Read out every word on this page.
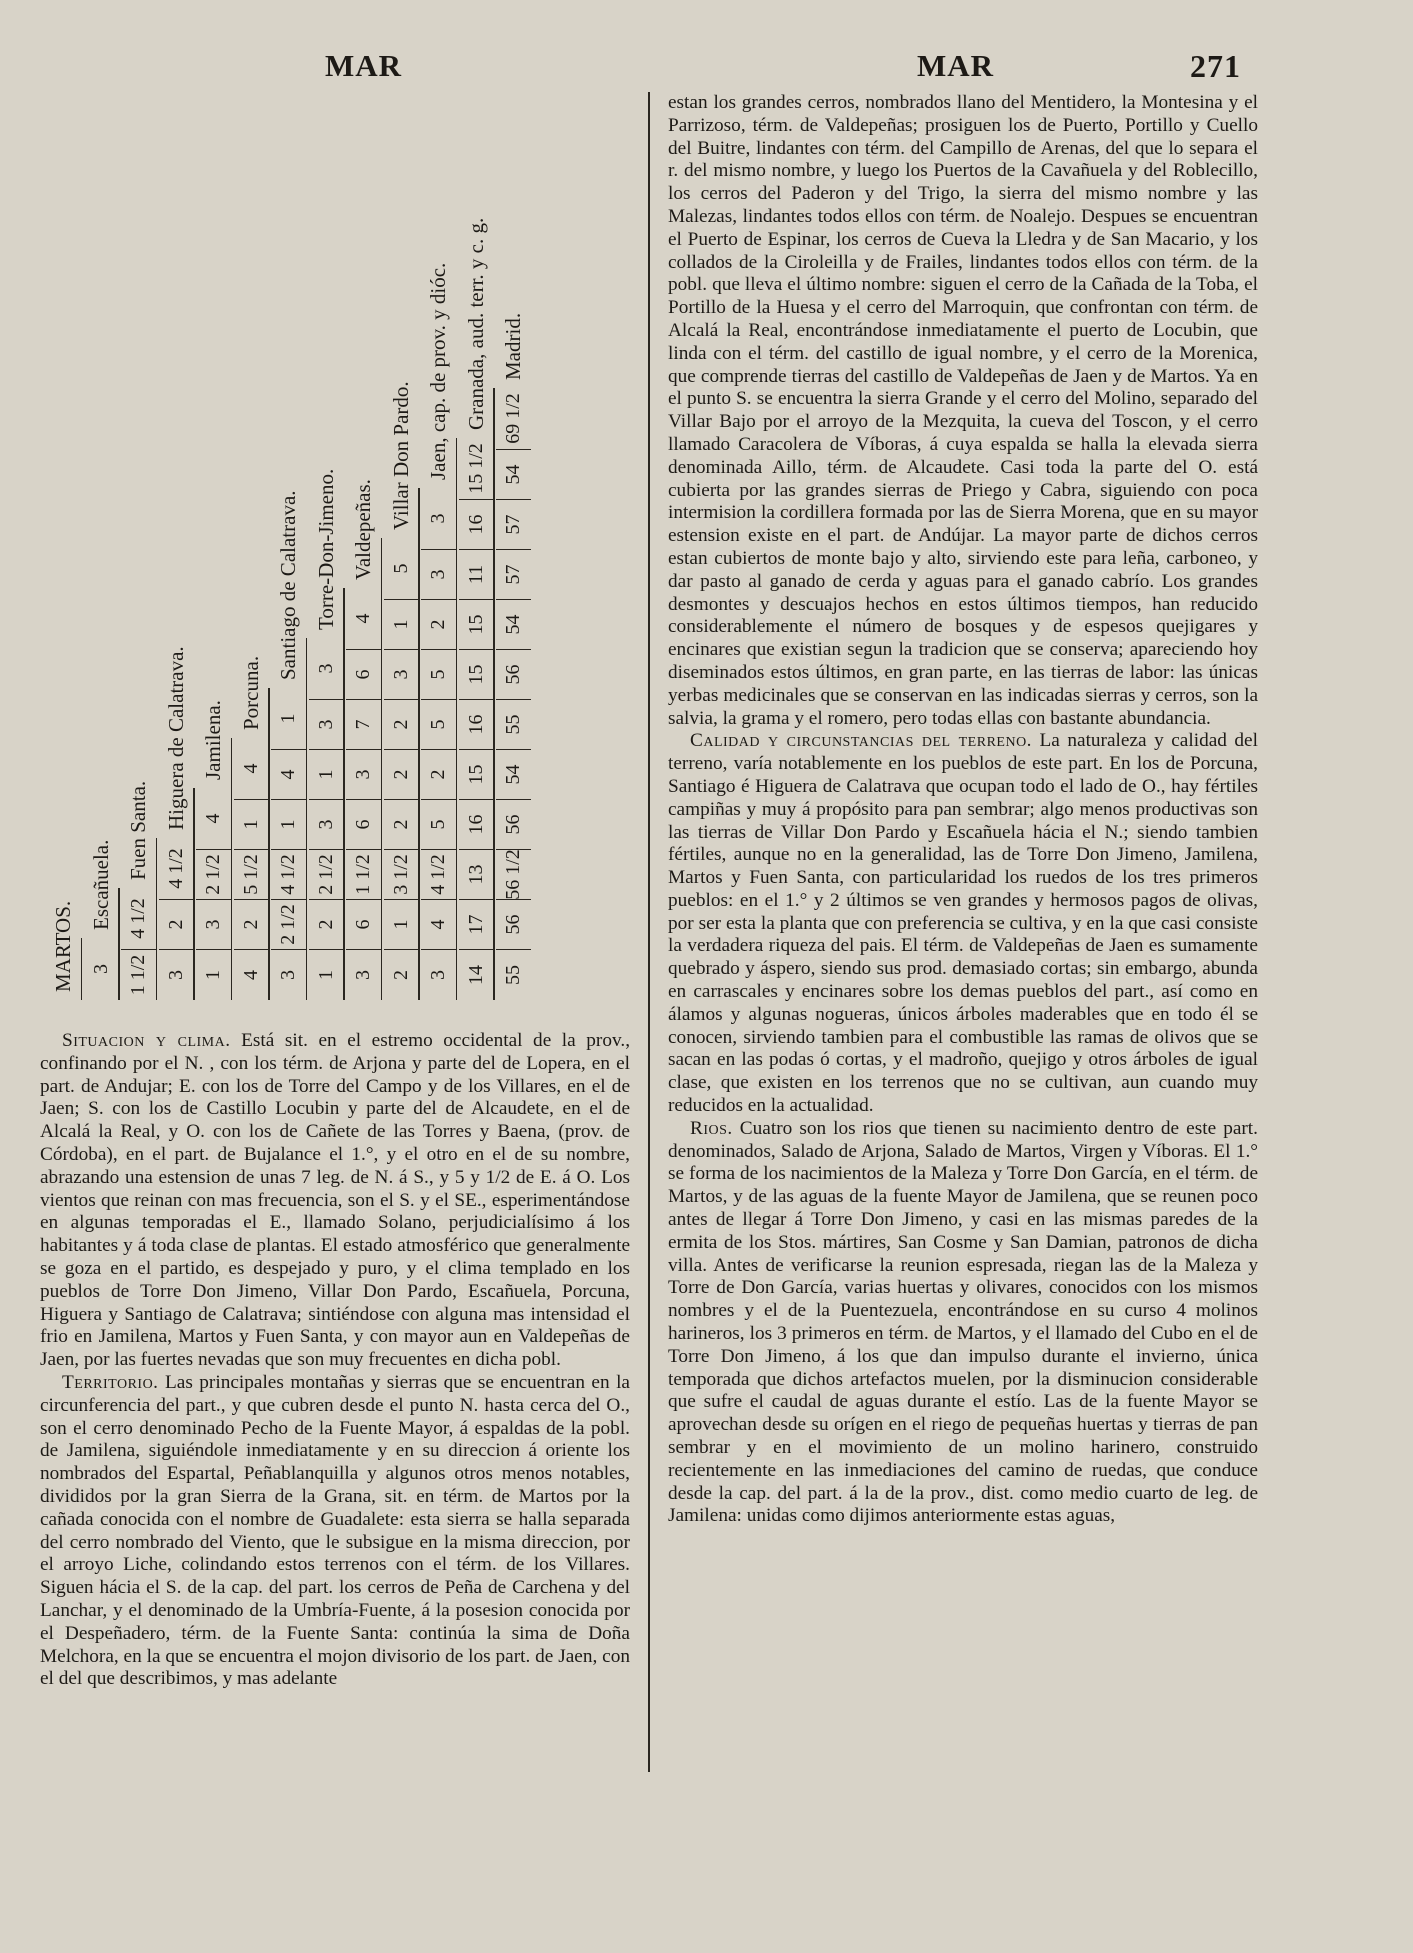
MAR	MAR	271
MARTOS. 3
Escañuela.
1 1/2
4 1/2
Fuen Santa.
3
2
4 1/2
Higuera de Calatrava.
1
3
2 1/2
4
Jamilena.
4
2
5 1/2
1
4
Porcuna.
3
2 1/2
4 1/2
1
4
1
Santiago de Calatrava.
1
2
2 1/2
3
1
3
3
Torre-Don-Jimeno.
3
6
1 1/2
6
3
7
6
4
Valdepeñas.
2
1
3 1/2
2
2
2
3
1
5
Villar Don Pardo.
3
4
4 1/2
5
2
5
5
2
3
3
Jaen, cap. de prov. y dióc.
14
17
13
16
15
16
15
15
11
16
15 1/2
Granada, aud. terr. y c. g.
55
56
56 1/2
56
54
55
56
54
57
57
54
69 1/2
Madrid.

Situacion y clima. Está sit. en el estremo occidental de la prov., confinando por el N. , con los térm. de Arjona y parte del de Lopera, en el part. de Andujar; E. con los de Torre del Campo y de los Villares, en el de Jaen; S. con los de Castillo Locubin y parte del de Alcaudete, en el de Alcalá la Real, y O. con los de Cañete de las Torres y Baena, (prov. de Córdoba), en el part. de Bujalance el 1.°, y el otro en el de su nombre, abrazando una estension de unas 7 leg. de N. á S., y 5 y 1/2 de E. á O. Los vientos que reinan con mas frecuencia, son el S. y el SE., esperimentándose en algunas temporadas el E., llamado Solano, perjudicialísimo á los habitantes y á toda clase de plantas. El estado atmosférico que generalmente se goza en el partido, es despejado y puro, y el clima templado en los pueblos de Torre Don Jimeno, Villar Don Pardo, Escañuela, Porcuna, Higuera y Santiago de Calatrava; sintiéndose con alguna mas intensidad el frio en Jamilena, Martos y Fuen Santa, y con mayor aun en Valdepeñas de Jaen, por las fuertes nevadas que son muy frecuentes en dicha pobl.

Territorio. Las principales montañas y sierras que se encuentran en la circunferencia del part., y que cubren desde el punto N. hasta cerca del O., son el cerro denominado Pecho de la Fuente Mayor, á espaldas de la pobl. de Jamilena, siguiéndole inmediatamente y en su direccion á oriente los nombrados del Espartal, Peñablanquilla y algunos otros menos notables, divididos por la gran Sierra de la Grana, sit. en térm. de Martos por la cañada conocida con el nombre de Guadalete: esta sierra se halla separada del cerro nombrado del Viento, que le subsigue en la misma direccion, por el arroyo Liche, colindando estos terrenos con el térm. de los Villares. Siguen hácia el S. de la cap. del part. los cerros de Peña de Carchena y del Lanchar, y el denominado de la Umbría-Fuente, á la posesion conocida por el Despeñadero, térm. de la Fuente Santa: continúa la sima de Doña Melchora, en la que se encuentra el mojon divisorio de los part. de Jaen, con el del que describimos, y mas adelante

estan los grandes cerros, nombrados llano del Mentidero, la Montesina y el Parrizoso, térm. de Valdepeñas; prosiguen los de Puerto, Portillo y Cuello del Buitre, lindantes con térm. del Campillo de Arenas, del que lo separa el r. del mismo nombre, y luego los Puertos de la Cavañuela y del Roblecillo, los cerros del Paderon y del Trigo, la sierra del mismo nombre y las Malezas, lindantes todos ellos con térm. de Noalejo. Despues se encuentran el Puerto de Espinar, los cerros de Cueva la Lledra y de San Macario, y los collados de la Ciroleilla y de Frailes, lindantes todos ellos con térm. de la pobl. que lleva el último nombre: siguen el cerro de la Cañada de la Toba, el Portillo de la Huesa y el cerro del Marroquin, que confrontan con térm. de Alcalá la Real, encontrándose inmediatamente el puerto de Locubin, que linda con el térm. del castillo de igual nombre, y el cerro de la Morenica, que comprende tierras del castillo de Valdepeñas de Jaen y de Martos. Ya en el punto S. se encuentra la sierra Grande y el cerro del Molino, separado del Villar Bajo por el arroyo de la Mezquita, la cueva del Toscon, y el cerro llamado Caracolera de Víboras, á cuya espalda se halla la elevada sierra denominada Aillo, térm. de Alcaudete. Casi toda la parte del O. está cubierta por las grandes sierras de Priego y Cabra, siguiendo con poca intermision la cordillera formada por las de Sierra Morena, que en su mayor estension existe en el part. de Andújar. La mayor parte de dichos cerros estan cubiertos de monte bajo y alto, sirviendo este para leña, carboneo, y dar pasto al ganado de cerda y aguas para el ganado cabrío. Los grandes desmontes y descuajos hechos en estos últimos tiempos, han reducido considerablemente el número de bosques y de espesos quejigares y encinares que existian segun la tradicion que se conserva; apareciendo hoy diseminados estos últimos, en gran parte, en las tierras de labor: las únicas yerbas medicinales que se conservan en las indicadas sierras y cerros, son la salvia, la grama y el romero, pero todas ellas con bastante abundancia.

Calidad y circunstancias del terreno. La naturaleza y calidad del terreno, varía notablemente en los pueblos de este part. En los de Porcuna, Santiago é Higuera de Calatrava que ocupan todo el lado de O., hay fértiles campiñas y muy á propósito para pan sembrar; algo menos productivas son las tierras de Villar Don Pardo y Escañuela hácia el N.; siendo tambien fértiles, aunque no en la generalidad, las de Torre Don Jimeno, Jamilena, Martos y Fuen Santa, con particularidad los ruedos de los tres primeros pueblos: en el 1.° y 2 últimos se ven grandes y hermosos pagos de olivas, por ser esta la planta que con preferencia se cultiva, y en la que casi consiste la verdadera riqueza del pais. El térm. de Valdepeñas de Jaen es sumamente quebrado y áspero, siendo sus prod. demasiado cortas; sin embargo, abunda en carrascales y encinares sobre los demas pueblos del part., así como en álamos y algunas nogueras, únicos árboles maderables que en todo él se conocen, sirviendo tambien para el combustible las ramas de olivos que se sacan en las podas ó cortas, y el madroño, quejigo y otros árboles de igual clase, que existen en los terrenos que no se cultivan, aun cuando muy reducidos en la actualidad.

Rios. Cuatro son los rios que tienen su nacimiento dentro de este part. denominados, Salado de Arjona, Salado de Martos, Virgen y Víboras. El 1.° se forma de los nacimientos de la Maleza y Torre Don García, en el térm. de Martos, y de las aguas de la fuente Mayor de Jamilena, que se reunen poco antes de llegar á Torre Don Jimeno, y casi en las mismas paredes de la ermita de los Stos. mártires, San Cosme y San Damian, patronos de dicha villa. Antes de verificarse la reunion espresada, riegan las de la Maleza y Torre de Don García, varias huertas y olivares, conocidos con los mismos nombres y el de la Puentezuela, encontrándose en su curso 4 molinos harineros, los 3 primeros en térm. de Martos, y el llamado del Cubo en el de Torre Don Jimeno, á los que dan impulso durante el invierno, única temporada que dichos artefactos muelen, por la disminucion considerable que sufre el caudal de aguas durante el estío. Las de la fuente Mayor se aprovechan desde su orígen en el riego de pequeñas huertas y tierras de pan sembrar y en el movimiento de un molino harinero, construido recientemente en las inmediaciones del camino de ruedas, que conduce desde la cap. del part. á la de la prov., dist. como medio cuarto de leg. de Jamilena: unidas como dijimos anteriormente estas aguas,
